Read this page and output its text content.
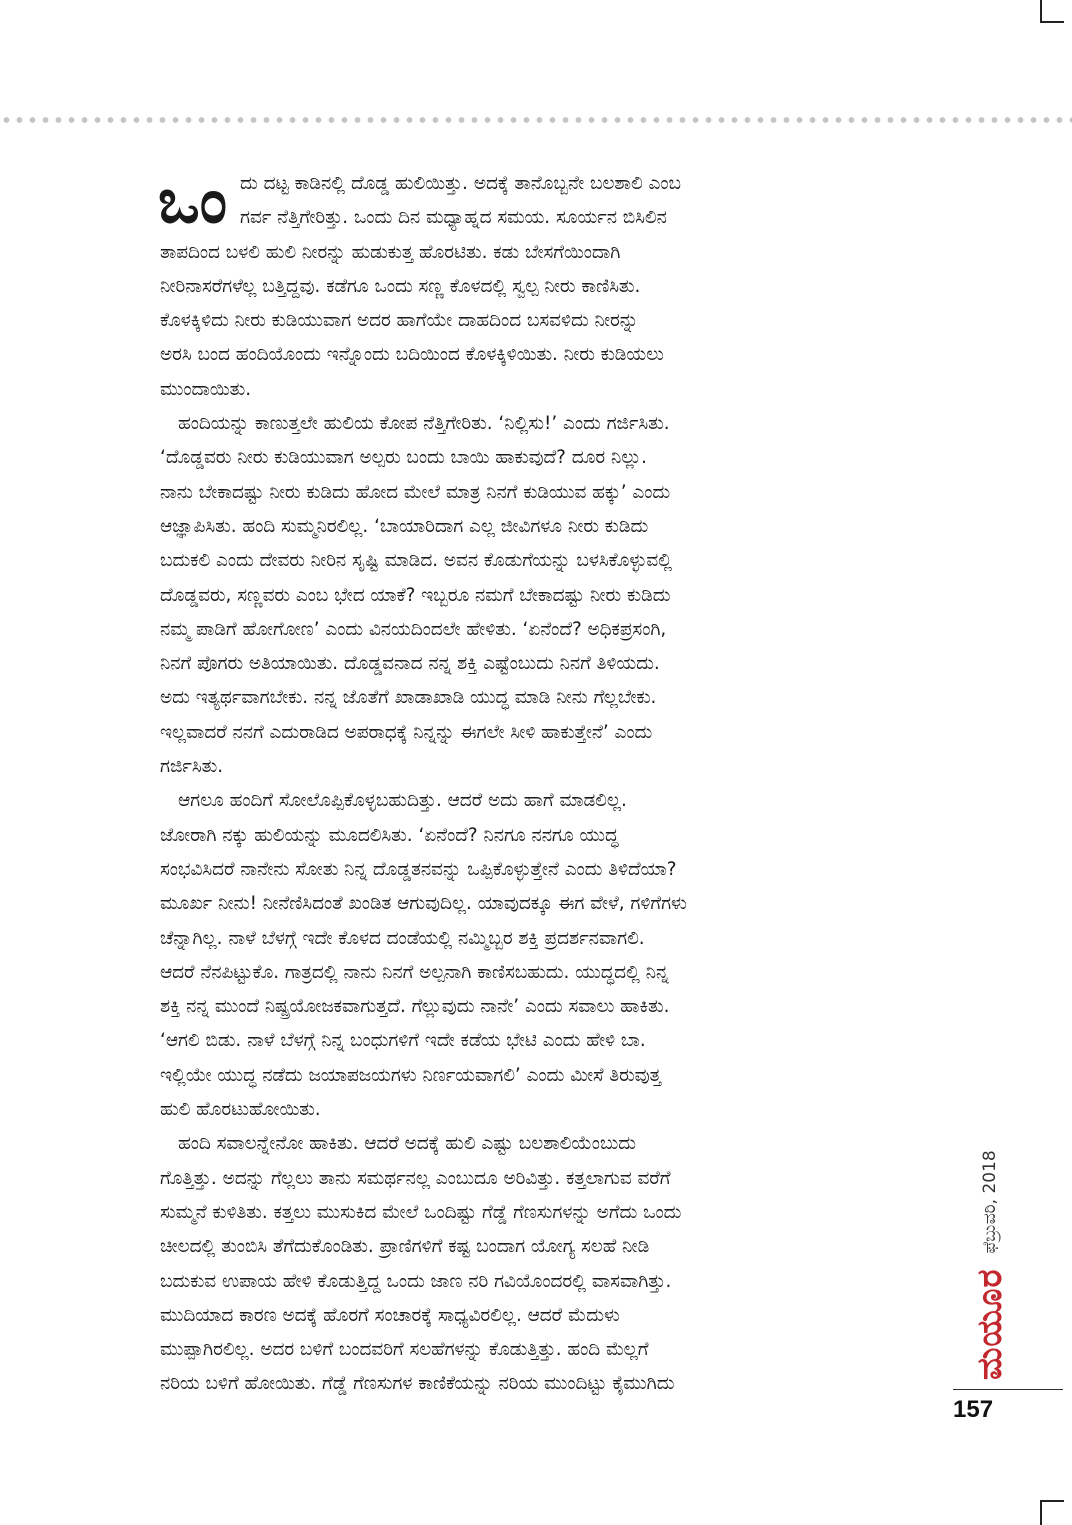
ಒಂ ದು ದಟ್ಟ ಕಾಡಿನಲ್ಲಿ ದೊಡ್ಡ ಹುಲಿಯಿತ್ತು. ಅದಕ್ಕೆ ತಾನೊಬ್ಬನೇ ಬಲಶಾಲಿ ಎಂಬ
ಗರ್ವ ನೆತ್ತಿಗೇರಿತ್ತು. ಒಂದು ದಿನ ಮಧ್ಯಾಹ್ನದ ಸಮಯ. ಸೂರ್ಯನ ಬಿಸಿಲಿನ
ತಾಪದಿಂದ ಬಳಲಿ ಹುಲಿ ನೀರನ್ನು ಹುಡುಕುತ್ತ ಹೊರಟಿತು. ಕಡು ಬೇಸಗೆಯಿಂದಾಗಿ
ನೀರಿನಾಸರೆಗಳೆಲ್ಲ ಬತ್ತಿದ್ದವು. ಕಡೆಗೂ ಒಂದು ಸಣ್ಣ ಕೊಳದಲ್ಲಿ ಸ್ವಲ್ಪ ನೀರು ಕಾಣಿಸಿತು.
ಕೊಳಕ್ಕಿಳಿದು ನೀರು ಕುಡಿಯುವಾಗ ಅದರ ಹಾಗೆಯೇ ದಾಹದಿಂದ ಬಸವಳಿದು ನೀರನ್ನು
ಅರಸಿ ಬಂದ ಹಂದಿಯೊಂದು ಇನ್ನೊಂದು ಬದಿಯಿಂದ ಕೊಳಕ್ಕಿಳಿಯಿತು. ನೀರು ಕುಡಿಯಲು
ಮುಂದಾಯಿತು.
ಹಂದಿಯನ್ನು ಕಾಣುತ್ತಲೇ ಹುಲಿಯ ಕೋಪ ನೆತ್ತಿಗೇರಿತು. ‘ನಿಲ್ಲಿಸು!’ ಎಂದು ಗರ್ಜಿಸಿತು.
‘ದೊಡ್ಡವರು ನೀರು ಕುಡಿಯುವಾಗ ಅಲ್ಪರು ಬಂದು ಬಾಯಿ ಹಾಕುವುದೆ? ದೂರ ನಿಲ್ಲು.
ನಾನು ಬೇಕಾದಷ್ಟು ನೀರು ಕುಡಿದು ಹೋದ ಮೇಲೆ ಮಾತ್ರ ನಿನಗೆ ಕುಡಿಯುವ ಹಕ್ಕು’ ಎಂದು
ಆಜ್ಞಾಪಿಸಿತು. ಹಂದಿ ಸುಮ್ಮನಿರಲಿಲ್ಲ. ‘ಬಾಯಾರಿದಾಗ ಎಲ್ಲ ಜೀವಿಗಳೂ ನೀರು ಕುಡಿದು
ಬದುಕಲಿ ಎಂದು ದೇವರು ನೀರಿನ ಸೃಷ್ಟಿ ಮಾಡಿದ. ಅವನ ಕೊಡುಗೆಯನ್ನು ಬಳಸಿಕೊಳ್ಳುವಲ್ಲಿ
ದೊಡ್ಡವರು, ಸಣ್ಣವರು ಎಂಬ ಭೇದ ಯಾಕೆ? ಇಬ್ಬರೂ ನಮಗೆ ಬೇಕಾದಷ್ಟು ನೀರು ಕುಡಿದು
ನಮ್ಮ ಪಾಡಿಗೆ ಹೋಗೋಣ’ ಎಂದು ವಿನಯದಿಂದಲೇ ಹೇಳಿತು. ‘ಏನೆಂದೆ? ಅಧಿಕಪ್ರಸಂಗಿ,
ನಿನಗೆ ಪೊಗರು ಅತಿಯಾಯಿತು. ದೊಡ್ಡವನಾದ ನನ್ನ ಶಕ್ತಿ ಎಷ್ಟೆಂಬುದು ನಿನಗೆ ತಿಳಿಯದು.
ಅದು ಇತ್ಯರ್ಥವಾಗಬೇಕು. ನನ್ನ ಜೊತೆಗೆ ಖಾಡಾಖಾಡಿ ಯುದ್ಧ ಮಾಡಿ ನೀನು ಗೆಲ್ಲಬೇಕು.
ಇಲ್ಲವಾದರೆ ನನಗೆ ಎದುರಾಡಿದ ಅಪರಾಧಕ್ಕೆ ನಿನ್ನನ್ನು ಈಗಲೇ ಸೀಳಿ ಹಾಕುತ್ತೇನೆ’ ಎಂದು
ಗರ್ಜಿಸಿತು.
ಆಗಲೂ ಹಂದಿಗೆ ಸೋಲೊಪ್ಪಿಕೊಳ್ಳಬಹುದಿತ್ತು. ಆದರೆ ಅದು ಹಾಗೆ ಮಾಡಲಿಲ್ಲ.
ಜೋರಾಗಿ ನಕ್ಕು ಹುಲಿಯನ್ನು ಮೂದಲಿಸಿತು. ‘ಏನೆಂದೆ? ನಿನಗೂ ನನಗೂ ಯುದ್ಧ
ಸಂಭವಿಸಿದರೆ ನಾನೇನು ಸೋತು ನಿನ್ನ ದೊಡ್ಡತನವನ್ನು ಒಪ್ಪಿಕೊಳ್ಳುತ್ತೇನೆ ಎಂದು ತಿಳಿದೆಯಾ?
ಮೂರ್ಖ ನೀನು! ನೀನೆಣಿಸಿದಂತೆ ಖಂಡಿತ ಆಗುವುದಿಲ್ಲ. ಯಾವುದಕ್ಕೂ ಈಗ ವೇಳೆ, ಗಳಿಗೆಗಳು
ಚೆನ್ನಾಗಿಲ್ಲ. ನಾಳೆ ಬೆಳಗ್ಗೆ ಇದೇ ಕೊಳದ ದಂಡೆಯಲ್ಲಿ ನಮ್ಮಿಬ್ಬರ ಶಕ್ತಿ ಪ್ರದರ್ಶನವಾಗಲಿ.
ಆದರೆ ನೆನಪಿಟ್ಟುಕೊ. ಗಾತ್ರದಲ್ಲಿ ನಾನು ನಿನಗೆ ಅಲ್ಪನಾಗಿ ಕಾಣಿಸಬಹುದು. ಯುದ್ಧದಲ್ಲಿ ನಿನ್ನ
ಶಕ್ತಿ ನನ್ನ ಮುಂದೆ ನಿಷ್ಪ್ರಯೋಜಕವಾಗುತ್ತದೆ. ಗೆಲ್ಲುವುದು ನಾನೇ’ ಎಂದು ಸವಾಲು ಹಾಕಿತು.
‘ಆಗಲಿ ಬಿಡು. ನಾಳೆ ಬೆಳಗ್ಗೆ ನಿನ್ನ ಬಂಧುಗಳಿಗೆ ಇದೇ ಕಡೆಯ ಭೇಟಿ ಎಂದು ಹೇಳಿ ಬಾ.
ಇಲ್ಲಿಯೇ ಯುದ್ಧ ನಡೆದು ಜಯಾಪಜಯಗಳು ನಿರ್ಣಯವಾಗಲಿ’ ಎಂದು ಮೀಸೆ ತಿರುವುತ್ತ
ಹುಲಿ ಹೊರಟುಹೋಯಿತು.
ಹಂದಿ ಸವಾಲನ್ನೇನೋ ಹಾಕಿತು. ಆದರೆ ಅದಕ್ಕೆ ಹುಲಿ ಎಷ್ಟು ಬಲಶಾಲಿಯೆಂಬುದು
ಗೊತ್ತಿತ್ತು. ಅದನ್ನು ಗೆಲ್ಲಲು ತಾನು ಸಮರ್ಥನಲ್ಲ ಎಂಬುದೂ ಅರಿವಿತ್ತು. ಕತ್ತಲಾಗುವ ವರೆಗೆ
ಸುಮ್ಮನೆ ಕುಳಿತಿತು. ಕತ್ತಲು ಮುಸುಕಿದ ಮೇಲೆ ಒಂದಿಷ್ಟು ಗೆಡ್ಡೆ ಗೆಣಸುಗಳನ್ನು ಅಗೆದು ಒಂದು
ಚೀಲದಲ್ಲಿ ತುಂಬಿಸಿ ತೆಗೆದುಕೊಂಡಿತು. ಪ್ರಾಣಿಗಳಿಗೆ ಕಷ್ಟ ಬಂದಾಗ ಯೋಗ್ಯ ಸಲಹೆ ನೀಡಿ
ಬದುಕುವ ಉಪಾಯ ಹೇಳಿ ಕೊಡುತ್ತಿದ್ದ ಒಂದು ಜಾಣ ನರಿ ಗವಿಯೊಂದರಲ್ಲಿ ವಾಸವಾಗಿತ್ತು.
ಮುದಿಯಾದ ಕಾರಣ ಅದಕ್ಕೆ ಹೊರಗೆ ಸಂಚಾರಕ್ಕೆ ಸಾಧ್ಯವಿರಲಿಲ್ಲ. ಆದರೆ ಮೆದುಳು
ಮುಪ್ಪಾಗಿರಲಿಲ್ಲ. ಅದರ ಬಳಿಗೆ ಬಂದವರಿಗೆ ಸಲಹೆಗಳನ್ನು ಕೊಡುತ್ತಿತ್ತು. ಹಂದಿ ಮೆಲ್ಲಗೆ
ನರಿಯ ಬಳಿಗೆ ಹೋಯಿತು. ಗೆಡ್ಡೆ ಗೆಣಸುಗಳ ಕಾಣಿಕೆಯನ್ನು ನರಿಯ ಮುಂದಿಟ್ಟು ಕೈಮುಗಿದು
ಮಯೂರ ಫೆಬ್ರುವರಿ, 2018
157
